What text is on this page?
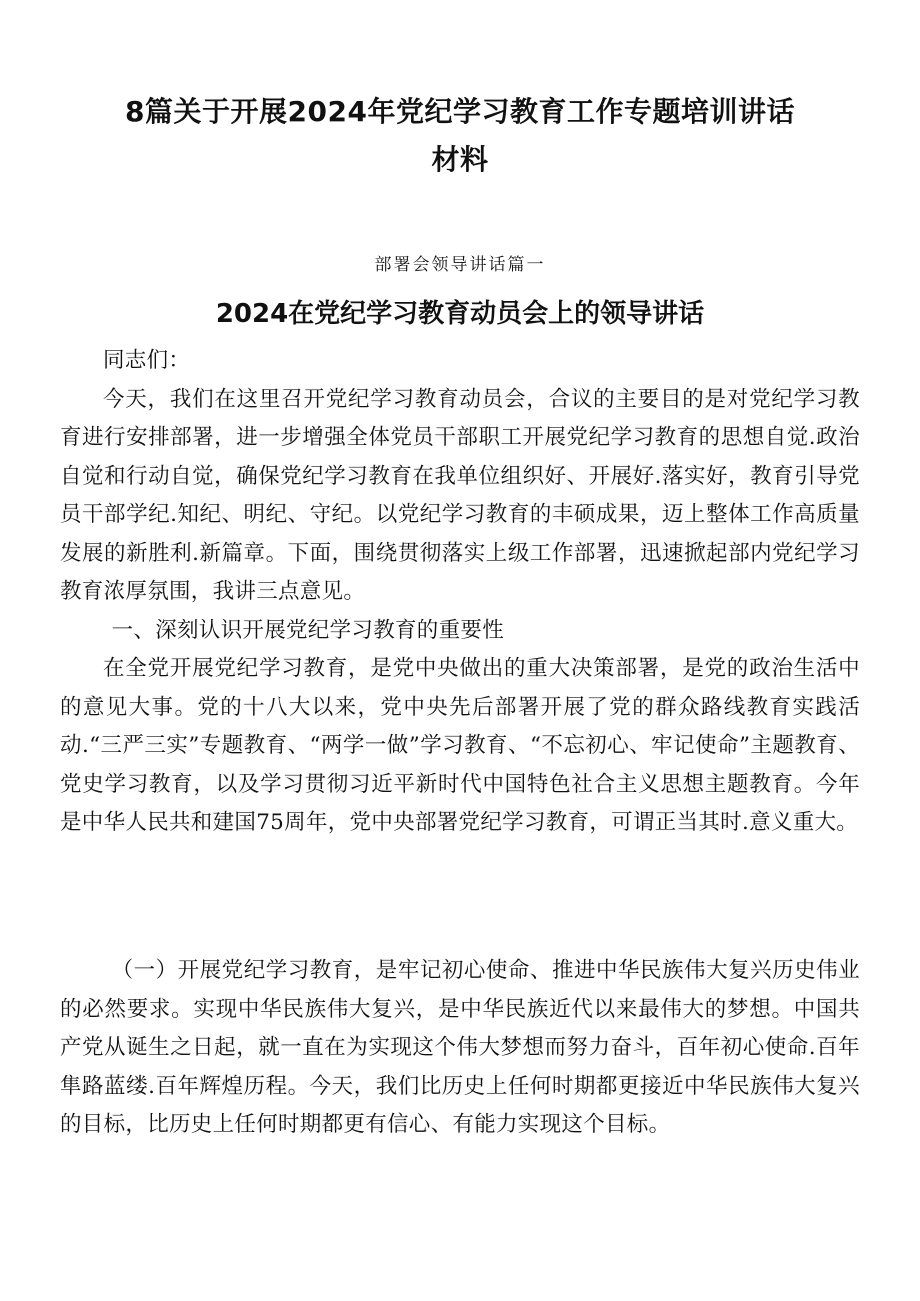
8篇关于开展2024年党纪学习教育工作专题培训讲话
材料
部署会领导讲话篇一
2024在党纪学习教育动员会上的领导讲话

同志们：

今天，我们在这里召开党纪学习教育动员会，合议的主要目的是对党纪学习教育进行安排部署，进一步增强全体党员干部职工开展党纪学习教育的思想自觉.政治自觉和行动自觉，确保党纪学习教育在我单位组织好、开展好.落实好，教育引导党员干部学纪.知纪、明纪、守纪。以党纪学习教育的丰硕成果，迈上整体工作高质量发展的新胜利.新篇章。下面，围绕贯彻落实上级工作部署，迅速掀起部内党纪学习教育浓厚氛围，我讲三点意见。

一、深刻认识开展党纪学习教育的重要性

在全党开展党纪学习教育，是党中央做出的重大决策部署，是党的政治生活中的意见大事。党的十八大以来，党中央先后部署开展了党的群众路线教育实践活动.“三严三实”专题教育、“两学一做”学习教育、“不忘初心、牢记使命”主题教育、党史学习教育，以及学习贯彻习近平新时代中国特色社合主义思想主题教育。今年是中华人民共和建国75周年，党中央部署党纪学习教育，可谓正当其时.意义重大。

（一）开展党纪学习教育，是牢记初心使命、推进中华民族伟大复兴历史伟业的必然要求。实现中华民族伟大复兴，是中华民族近代以来最伟大的梦想。中国共产党从诞生之日起，就一直在为实现这个伟大梦想而努力奋斗，百年初心使命.百年隼路蓝缕.百年辉煌历程。今天，我们比历史上任何时期都更接近中华民族伟大复兴的目标，比历史上任何时期都更有信心、有能力实现这个目标。
